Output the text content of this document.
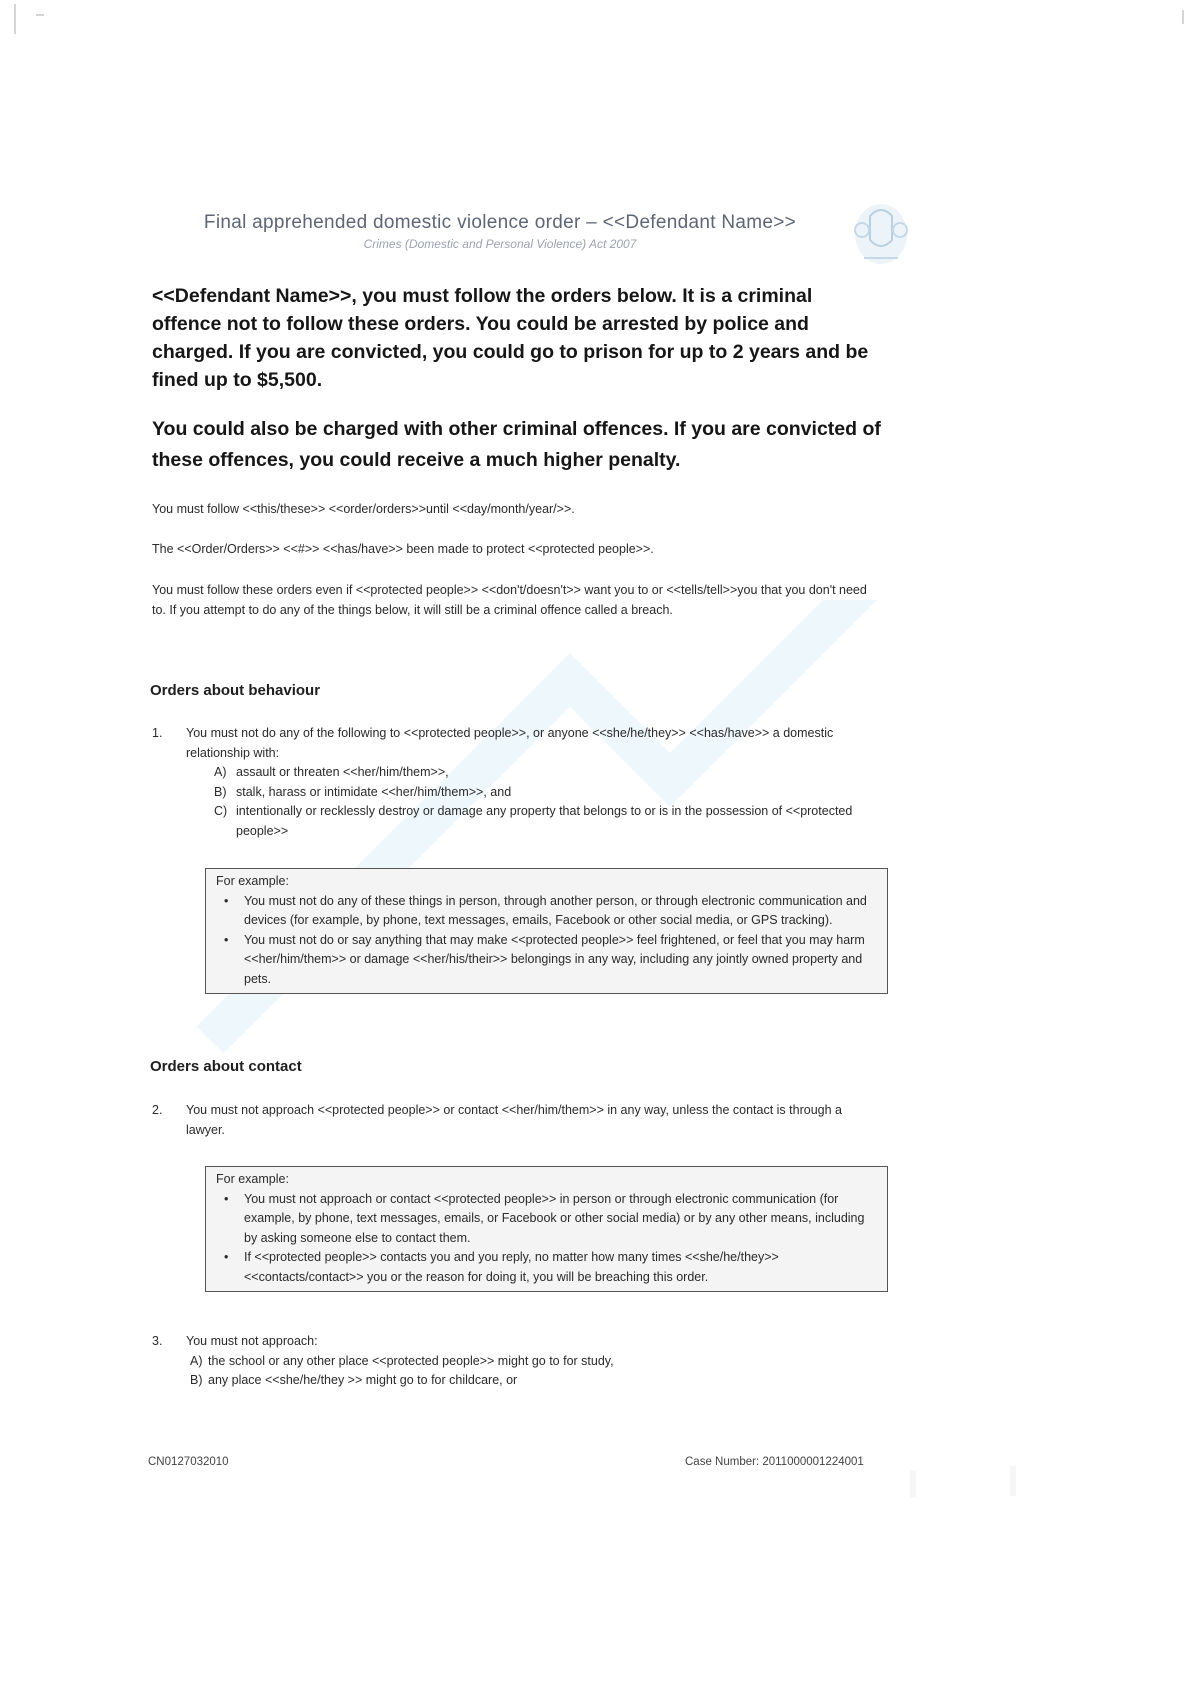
Final apprehended domestic violence order – <<Defendant Name>>
Crimes (Domestic and Personal Violence) Act 2007
<<Defendant Name>>, you must follow the orders below. It is a criminal offence not to follow these orders. You could be arrested by police and charged. If you are convicted, you could go to prison for up to 2 years and be fined up to $5,500.
You could also be charged with other criminal offences. If you are convicted of these offences, you could receive a much higher penalty.
You must follow <<this/these>> <<order/orders>>until <<day/month/year/>>.
The <<Order/Orders>> <<#>> <<has/have>> been made to protect <<protected people>>.
You must follow these orders even if <<protected people>> <<don't/doesn't>> want you to or <<tells/tell>>you that you don't need to. If you attempt to do any of the things below, it will still be a criminal offence called a breach.
Orders about behaviour
1. You must not do any of the following to <<protected people>>, or anyone <<she/he/they>> <<has/have>> a domestic relationship with:
A) assault or threaten <<her/him/them>>,
B) stalk, harass or intimidate <<her/him/them>>, and
C) intentionally or recklessly destroy or damage any property that belongs to or is in the possession of <<protected people>>
For example:
• You must not do any of these things in person, through another person, or through electronic communication and devices (for example, by phone, text messages, emails, Facebook or other social media, or GPS tracking).
• You must not do or say anything that may make <<protected people>> feel frightened, or feel that you may harm <<her/him/them>> or damage <<her/his/their>> belongings in any way, including any jointly owned property and pets.
Orders about contact
2. You must not approach <<protected people>> or contact <<her/him/them>> in any way, unless the contact is through a lawyer.
For example:
• You must not approach or contact <<protected people>> in person or through electronic communication (for example, by phone, text messages, emails, or Facebook or other social media) or by any other means, including by asking someone else to contact them.
• If <<protected people>> contacts you and you reply, no matter how many times <<she/he/they>> <<contacts/contact>> you or the reason for doing it, you will be breaching this order.
3. You must not approach:
A) the school or any other place <<protected people>> might go to for study,
B) any place <<she/he/they >> might go to for childcare, or
CN0127032010	Case Number: 2011000001224001
